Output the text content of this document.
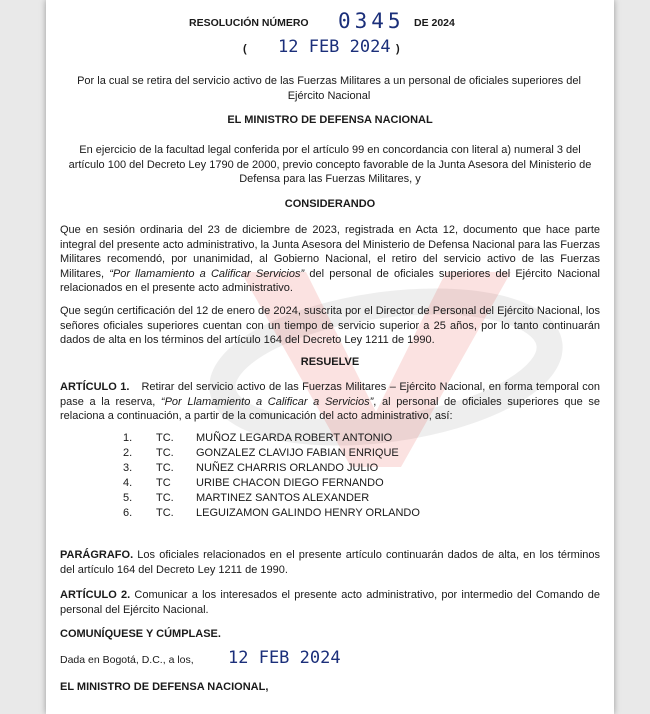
RESOLUCIÓN NÚMERO 0345 DE 2024
( 12 FEB 2024 )
Por la cual se retira del servicio activo de las Fuerzas Militares a un personal de oficiales superiores del Ejército Nacional
EL MINISTRO DE DEFENSA NACIONAL
En ejercicio de la facultad legal conferida por el artículo 99 en concordancia con literal a) numeral 3 del artículo 100 del Decreto Ley 1790 de 2000, previo concepto favorable de la Junta Asesora del Ministerio de Defensa para las Fuerzas Militares, y
CONSIDERANDO
Que en sesión ordinaria del 23 de diciembre de 2023, registrada en Acta 12, documento que hace parte integral del presente acto administrativo, la Junta Asesora del Ministerio de Defensa Nacional para las Fuerzas Militares recomendó, por unanimidad, al Gobierno Nacional, el retiro del servicio activo de las Fuerzas Militares, “Por llamamiento a Calificar Servicios” del personal de oficiales superiores del Ejército Nacional relacionados en el presente acto administrativo.
Que según certificación del 12 de enero de 2024, suscrita por el Director de Personal del Ejército Nacional, los señores oficiales superiores cuentan con un tiempo de servicio superior a 25 años, por lo tanto continuarán dados de alta en los términos del artículo 164 del Decreto Ley 1211 de 1990.
RESUELVE
ARTÍCULO 1. Retirar del servicio activo de las Fuerzas Militares – Ejército Nacional, en forma temporal con pase a la reserva, “Por Llamamiento a Calificar a Servicios”, al personal de oficiales superiores que se relaciona a continuación, a partir de la comunicación del acto administrativo, así:
1. TC. MUÑOZ LEGARDA ROBERT ANTONIO
2. TC. GONZALEZ CLAVIJO FABIAN ENRIQUE
3. TC. NUÑEZ CHARRIS ORLANDO JULIO
4. TC URIBE CHACON DIEGO FERNANDO
5. TC. MARTINEZ SANTOS ALEXANDER
6. TC. LEGUIZAMON GALINDO HENRY ORLANDO
PARÁGRAFO. Los oficiales relacionados en el presente artículo continuarán dados de alta, en los términos del artículo 164 del Decreto Ley 1211 de 1990.
ARTÍCULO 2. Comunicar a los interesados el presente acto administrativo, por intermedio del Comando de personal del Ejército Nacional.
COMUNÍQUESE Y CÚMPLASE.
Dada en Bogotá, D.C., a los, 12 FEB 2024
EL MINISTRO DE DEFENSA NACIONAL,
